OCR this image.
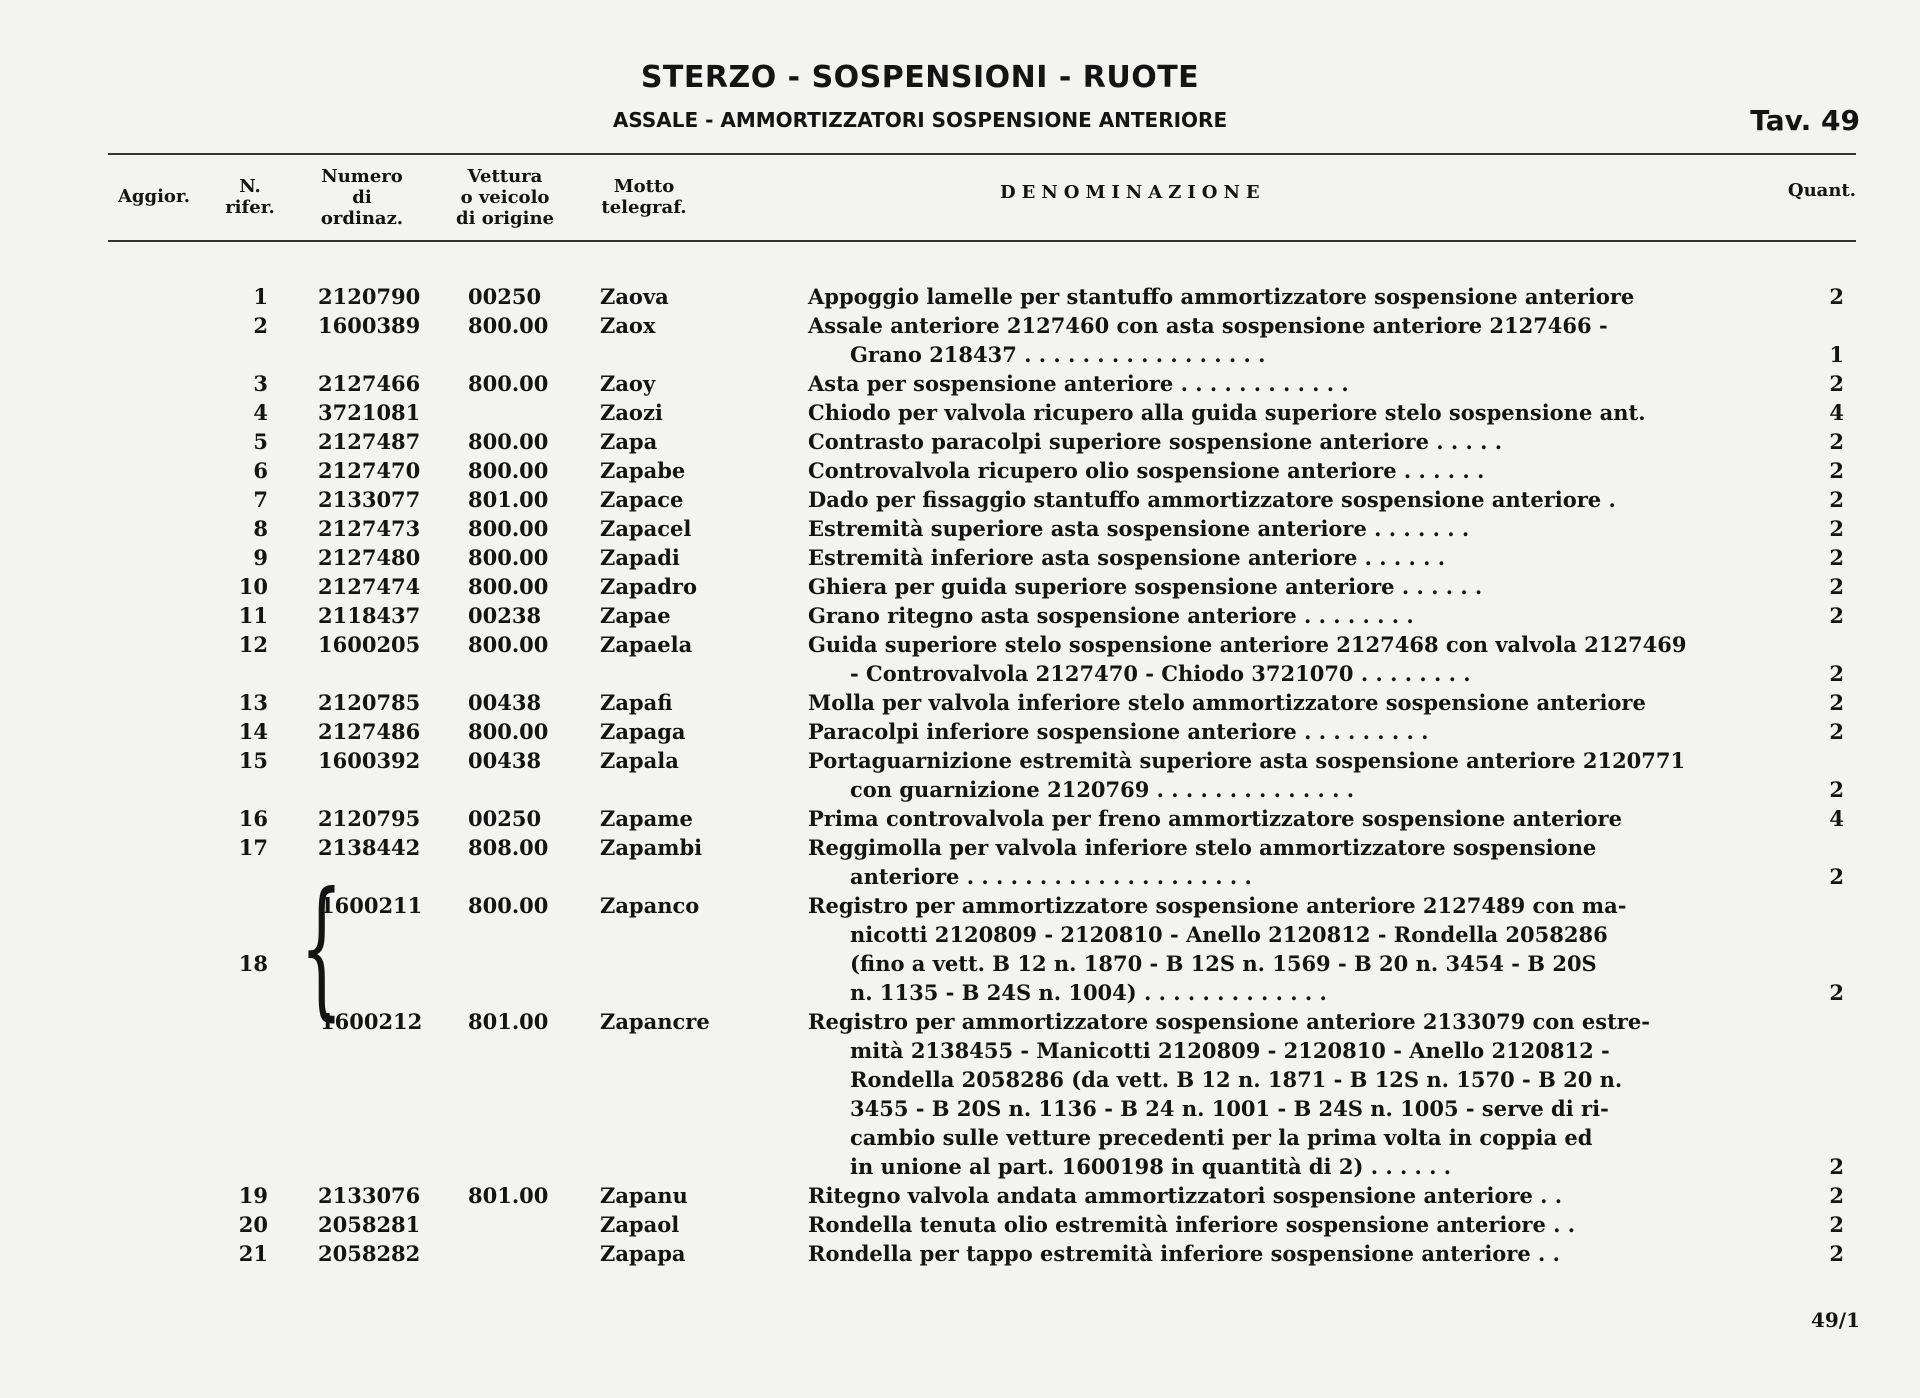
STERZO - SOSPENSIONI - RUOTE
ASSALE - AMMORTIZZATORI SOSPENSIONE ANTERIORE	Tav. 49
Aggior.	N.
rifer.
Numero
di
ordinaz.
Vettura
o veicolo
di origine
Motto
telegraf.
DENOMINAZIONE	Quant.
1 2120790 00250	Zaova	Appoggio lamelle per stantuffo ammortizzatore sospensione anteriore	2
2 1600389 800.00 Zaox	Assale anteriore 2127460 con asta sospensione anteriore 2127466 -
Grano 218437 . . . . . . . . . . . . . . . . .	1
3 2127466 800.00 Zaoy	Asta per sospensione anteriore . . . . . . . . . . . .	2
4 3721081	Zaozi	Chiodo per valvola ricupero alla guida superiore stelo sospensione ant.	4
5 2127487 800.00 Zapa	Contrasto paracolpi superiore sospensione anteriore . . . . .	2
6 2127470 800.00 Zapabe	Controvalvola ricupero olio sospensione anteriore . . . . . .	2
7 2133077 801.00 Zapace	Dado per fissaggio stantuffo ammortizzatore sospensione anteriore .	2
8 2127473 800.00 Zapacel	Estremità superiore asta sospensione anteriore . . . . . . .	2
9 2127480 800.00 Zapadi	Estremità inferiore asta sospensione anteriore . . . . . .	2
10 2127474 800.00 Zapadro	Ghiera per guida superiore sospensione anteriore . . . . . .	2
11 2118437 00238	Zapae	Grano ritegno asta sospensione anteriore . . . . . . . .	2
12 1600205 800.00 Zapaela	Guida superiore stelo sospensione anteriore 2127468 con valvola 2127469
- Controvalvola 2127470 - Chiodo 3721070 . . . . . . . .	2
13 2120785 00438	Zapafi	Molla per valvola inferiore stelo ammortizzatore sospensione anteriore	2
14 2127486 800.00 Zapaga	Paracolpi inferiore sospensione anteriore . . . . . . . . .	2
15 1600392 00438	Zapala	Portaguarnizione estremità superiore asta sospensione anteriore 2120771
con guarnizione 2120769 . . . . . . . . . . . . . .	2
16 2120795 00250	Zapame	Prima controvalvola per freno ammortizzatore sospensione anteriore	4
17 2138442 808.00 Zapambi	Reggimolla per valvola inferiore stelo ammortizzatore sospensione
anteriore . . . . . . . . . . . . . . . . . . . .	2
1600211 800.00 Zapanco	Registro per ammortizzatore sospensione anteriore 2127489 con ma-
nicotti 2120809 - 2120810 - Anello 2120812 - Rondella 2058286
18	(fino a vett. B 12 n. 1870 - B 12S n. 1569 - B 20 n. 3454 - B 20S
n. 1135 - B 24S n. 1004) . . . . . . . . . . . . .	2
1600212 801.00 Zapancre	Registro per ammortizzatore sospensione anteriore 2133079 con estre-
mità 2138455 - Manicotti 2120809 - 2120810 - Anello 2120812 -
Rondella 2058286 (da vett. B 12 n. 1871 - B 12S n. 1570 - B 20 n.
3455 - B 20S n. 1136 - B 24 n. 1001 - B 24S n. 1005 - serve di ri-
cambio sulle vetture precedenti per la prima volta in coppia ed
in unione al part. 1600198 in quantità di 2) . . . . . .	2
19 2133076 801.00 Zapanu	Ritegno valvola andata ammortizzatori sospensione anteriore . .	2
20 2058281	Zapaol	Rondella tenuta olio estremità inferiore sospensione anteriore . .	2
21 2058282	Zapapa	Rondella per tappo estremità inferiore sospensione anteriore . .	2
{
49/1
